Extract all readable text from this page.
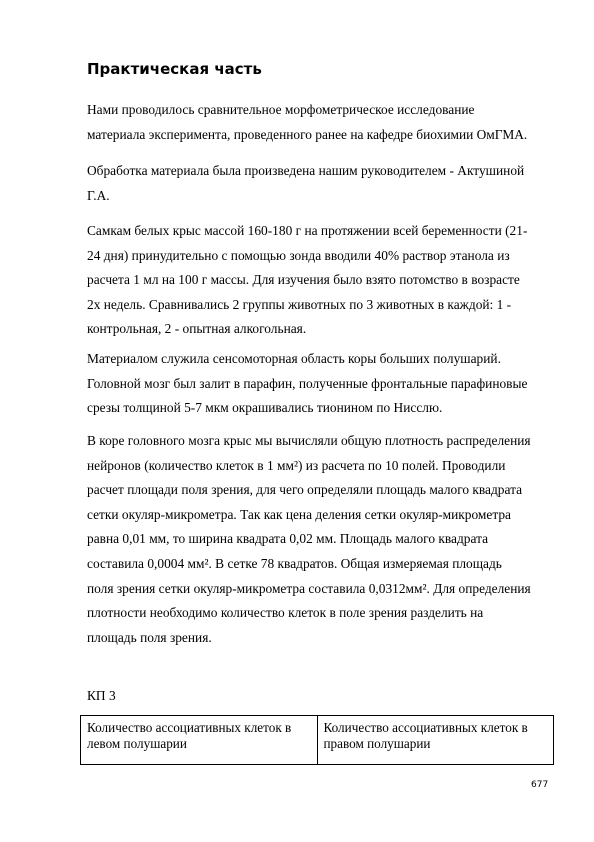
Практическая часть
Нами проводилось сравнительное морфометрическое исследование
материала эксперимента, проведенного ранее на кафедре биохимии ОмГМА.
Обработка материала была произведена нашим руководителем - Актушиной
Г.А.
Самкам белых крыс массой 160-180 г на протяжении всей беременности (21-
24 дня) принудительно с помощью зонда вводили 40% раствор этанола из
расчета 1 мл на 100 г массы. Для изучения было взято потомство в возрасте
2х недель. Сравнивались 2 группы животных по 3 животных в каждой: 1 -
контрольная, 2 - опытная алкогольная.
Материалом служила сенсомоторная область коры больших полушарий.
Головной мозг был залит в парафин, полученные фронтальные парафиновые
срезы толщиной 5-7 мкм окрашивались тионином по Нисслю.
В коре головного мозга крыс мы вычисляли общую плотность распределения
нейронов (количество клеток в 1 мм²) из расчета по 10 полей. Проводили
расчет площади поля зрения, для чего определяли площадь малого квадрата
сетки окуляр-микрометра. Так как цена деления сетки окуляр-микрометра
равна 0,01 мм, то ширина квадрата 0,02 мм. Площадь малого квадрата
составила 0,0004 мм². В сетке 78 квадратов. Общая измеряемая площадь
поля зрения сетки окуляр-микрометра составила 0,0312мм². Для определения
плотности необходимо количество клеток в поле зрения разделить на
площадь поля зрения.
КП 3
Количество ассоциативных клеток в
левом полушарии

Количество ассоциативных клеток в
правом полушарии
677
